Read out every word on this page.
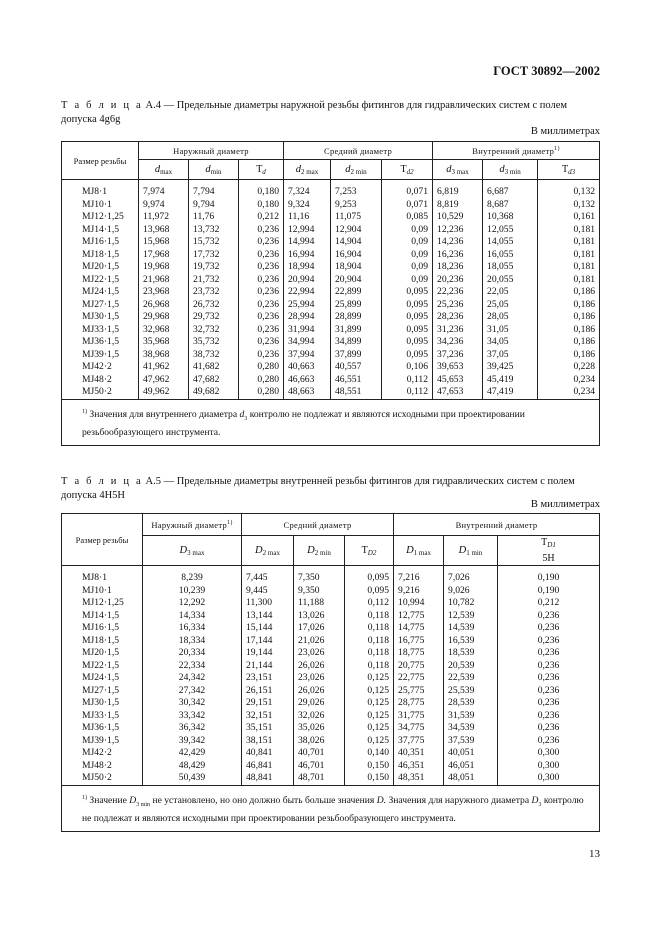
ГОСТ 30892—2002
Т а б л и ц а А.4 — Предельные диаметры наружной резьбы фитингов для гидравлических систем с полем допуска 4g6g
В миллиметрах
Размер резьбы	Наружный диаметр			Средний диаметр			Внутренний диаметр$^{1)}$
	dmax	dmin	Td	d2 max	d2 min	Td2	d3 max	d3 min	Td3

MJ8·1	7,974	7,794	0,180	7,324	7,253	0,071	6,819	6,687	0,132
MJ10·1	9,974	9,794	0,180	9,324	9,253	0,071	8,819	8,687	0,132
MJ12·1,25	11,972	11,76	0,212	11,16	11,075	0,085	10,529	10,368	0,161
MJ14·1,5	13,968	13,732	0,236	12,994	12,904	0,09	12,236	12,055	0,181
MJ16·1,5	15,968	15,732	0,236	14,994	14,904	0,09	14,236	14,055	0,181
MJ18·1,5	17,968	17,732	0,236	16,994	16,904	0,09	16,236	16,055	0,181
MJ20·1,5	19,968	19,732	0,236	18,994	18,904	0,09	18,236	18,055	0,181
MJ22·1,5	21,968	21,732	0,236	20,994	20,904	0,09	20,236	20,055	0,181
MJ24·1,5	23,968	23,732	0,236	22,994	22,899	0,095	22,236	22,05	0,186
MJ27·1,5	26,968	26,732	0,236	25,994	25,899	0,095	25,236	25,05	0,186
MJ30·1,5	29,968	29,732	0,236	28,994	28,899	0,095	28,236	28,05	0,186
MJ33·1,5	32,968	32,732	0,236	31,994	31,899	0,095	31,236	31,05	0,186
MJ36·1,5	35,968	35,732	0,236	34,994	34,899	0,095	34,236	34,05	0,186
MJ39·1,5	38,968	38,732	0,236	37,994	37,899	0,095	37,236	37,05	0,186
MJ42·2	41,962	41,682	0,280	40,663	40,557	0,106	39,653	39,425	0,228
MJ48·2	47,962	47,682	0,280	46,663	46,551	0,112	45,653	45,419	0,234
MJ50·2	49,962	49,682	0,280	48,663	48,551	0,112	47,653	47,419	0,234
$^{1)}$ Значения для внутреннего диаметра $d_3$ контролю не подлежат и являются исходными при проектировании резьбообразующего инструмента.									
Т а б л и ц а А.5 — Предельные диаметры внутренней резьбы фитингов для гидравлических систем с полем допуска 4H5H
В миллиметрах
Размер резьбы	Наружный диаметр$^{1)}$	Средний диаметр			Внутренний диаметр		
	D3 max	D2 max	D2 min	TD2	D1 max	D1 min	TD1
5H

MJ8·1	8,239	7,445	7,350	0,095	7,216	7,026	0,190
MJ10·1	10,239	9,445	9,350	0,095	9,216	9,026	0,190
MJ12·1,25	12,292	11,300	11,188	0,112	10,994	10,782	0,212
MJ14·1,5	14,334	13,144	13,026	0,118	12,775	12,539	0,236
MJ16·1,5	16,334	15,144	17,026	0,118	14,775	14,539	0,236
MJ18·1,5	18,334	17,144	21,026	0,118	16,775	16,539	0,236
MJ20·1,5	20,334	19,144	23,026	0,118	18,775	18,539	0,236
MJ22·1,5	22,334	21,144	26,026	0,118	20,775	20,539	0,236
MJ24·1,5	24,342	23,151	23,026	0,125	22,775	22,539	0,236
MJ27·1,5	27,342	26,151	26,026	0,125	25,775	25,539	0,236
MJ30·1,5	30,342	29,151	29,026	0,125	28,775	28,539	0,236
MJ33·1,5	33,342	32,151	32,026	0,125	31,775	31,539	0,236
MJ36·1,5	36,342	35,151	35,026	0,125	34,775	34,539	0,236
MJ39·1,5	39,342	38,151	38,026	0,125	37,775	37,539	0,236
MJ42·2	42,429	40,841	40,701	0,140	40,351	40,051	0,300
MJ48·2	48,429	46,841	46,701	0,150	46,351	46,051	0,300
MJ50·2	50,439	48,841	48,701	0,150	48,351	48,051	0,300
$^{1)}$ Значение $D_{3 min}$ не установлено, но оно должно быть больше значения D. Значения для наружного диаметра $D_3$ контролю не подлежат и являются исходными при проектировании резьбообразующего инструмента.							
13
